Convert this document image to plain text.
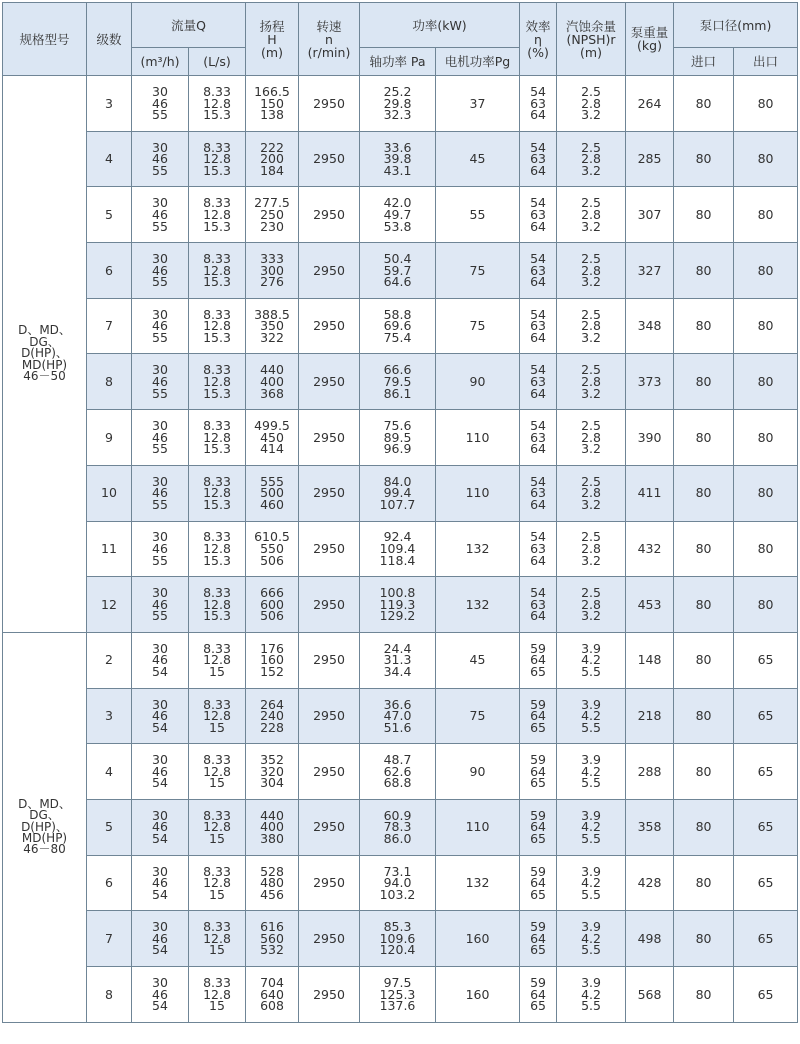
规格型号	级数	流量Q		扬程
H
(m)	转速
n
(r/min)	功率(kW)		效率
η
(%)	汽蚀余量
(NPSH)r
(m)	泵重量
(kg)	泵口径(mm)	
		(m³/h)	(L/s)			轴功率 Pa	电机功率Pg				进口	出口

D、MD、DG、
D(HP)、
MD(HP)
46－50	3	30
46
55	8.33
12.8
15.3	166.5
150
138	2950	25.2
29.8
32.3	37	54
63
64	2.5
2.8
3.2	264	80	80
	4	30
46
55	8.33
12.8
15.3	222
200
184	2950	33.6
39.8
43.1	45	54
63
64	2.5
2.8
3.2	285	80	80
	5	30
46
55	8.33
12.8
15.3	277.5
250
230	2950	42.0
49.7
53.8	55	54
63
64	2.5
2.8
3.2	307	80	80
	6	30
46
55	8.33
12.8
15.3	333
300
276	2950	50.4
59.7
64.6	75	54
63
64	2.5
2.8
3.2	327	80	80
	7	30
46
55	8.33
12.8
15.3	388.5
350
322	2950	58.8
69.6
75.4	75	54
63
64	2.5
2.8
3.2	348	80	80
	8	30
46
55	8.33
12.8
15.3	440
400
368	2950	66.6
79.5
86.1	90	54
63
64	2.5
2.8
3.2	373	80	80
	9	30
46
55	8.33
12.8
15.3	499.5
450
414	2950	75.6
89.5
96.9	110	54
63
64	2.5
2.8
3.2	390	80	80
	10	30
46
55	8.33
12.8
15.3	555
500
460	2950	84.0
99.4
107.7	110	54
63
64	2.5
2.8
3.2	411	80	80
	11	30
46
55	8.33
12.8
15.3	610.5
550
506	2950	92.4
109.4
118.4	132	54
63
64	2.5
2.8
3.2	432	80	80
	12	30
46
55	8.33
12.8
15.3	666
600
506	2950	100.8
119.3
129.2	132	54
63
64	2.5
2.8
3.2	453	80	80

D、MD、DG、
D(HP)、
MD(HP)
46－80	2	30
46
54	8.33
12.8
15	176
160
152	2950	24.4
31.3
34.4	45	59
64
65	3.9
4.2
5.5	148	80	65
	3	30
46
54	8.33
12.8
15	264
240
228	2950	36.6
47.0
51.6	75	59
64
65	3.9
4.2
5.5	218	80	65
	4	30
46
54	8.33
12.8
15	352
320
304	2950	48.7
62.6
68.8	90	59
64
65	3.9
4.2
5.5	288	80	65
	5	30
46
54	8.33
12.8
15	440
400
380	2950	60.9
78.3
86.0	110	59
64
65	3.9
4.2
5.5	358	80	65
	6	30
46
54	8.33
12.8
15	528
480
456	2950	73.1
94.0
103.2	132	59
64
65	3.9
4.2
5.5	428	80	65
	7	30
46
54	8.33
12.8
15	616
560
532	2950	85.3
109.6
120.4	160	59
64
65	3.9
4.2
5.5	498	80	65
	8	30
46
54	8.33
12.8
15	704
640
608	2950	97.5
125.3
137.6	160	59
64
65	3.9
4.2
5.5	568	80	65
